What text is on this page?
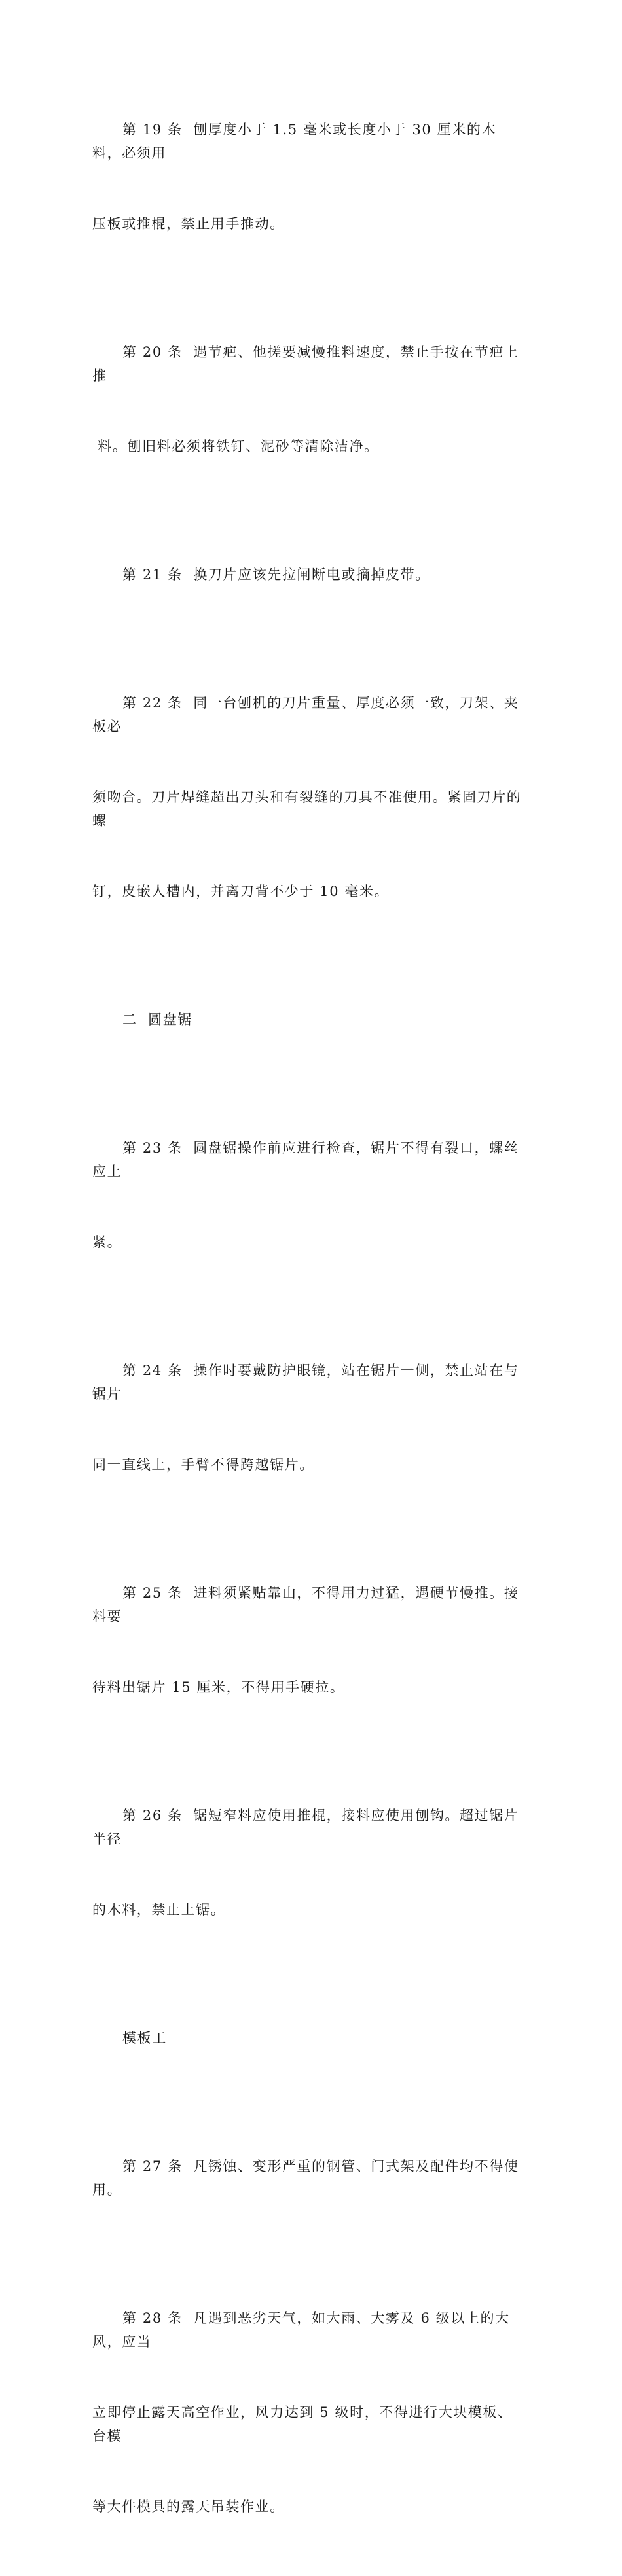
第 19 条  刨厚度小于 1.5 毫米或长度小于 30 厘米的木料，必须用

压板或推棍，禁止用手推动。

第 20 条  遇节疤、他搓要减慢推料速度，禁止手按在节疤上推

料。刨旧料必须将铁钉、泥砂等清除洁净。

第 21 条  换刀片应该先拉闸断电或摘掉皮带。

第 22 条  同一台刨机的刀片重量、厚度必须一致，刀架、夹板必

须吻合。刀片焊缝超出刀头和有裂缝的刀具不准使用。紧固刀片的螺

钉，皮嵌人槽内，并离刀背不少于 10 毫米。

二  圆盘锯

第 23 条  圆盘锯操作前应进行检查，锯片不得有裂口，螺丝应上

紧。

第 24 条  操作时要戴防护眼镜，站在锯片一侧，禁止站在与锯片

同一直线上，手臂不得跨越锯片。

第 25 条  进料须紧贴靠山，不得用力过猛，遇硬节慢推。接料要

待料出锯片 15 厘米，不得用手硬拉。

第 26 条  锯短窄料应使用推棍，接料应使用刨钩。超过锯片半径

的木料，禁止上锯。

模板工

第 27 条  凡锈蚀、变形严重的钢管、门式架及配件均不得使用。

第 28 条  凡遇到恶劣天气，如大雨、大雾及 6 级以上的大风，应当

立即停止露天高空作业，风力达到 5 级时，不得进行大块模板、台模

等大件模具的露天吊装作业。
